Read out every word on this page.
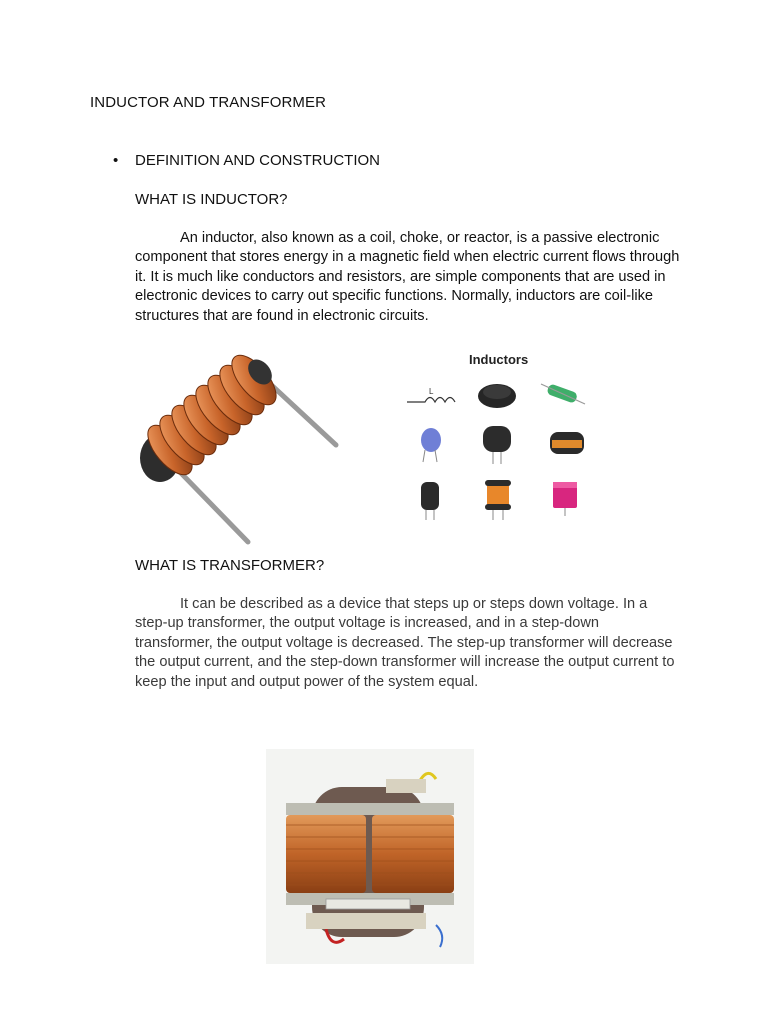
INDUCTOR AND TRANSFORMER
•	DEFINITION AND CONSTRUCTION
WHAT IS INDUCTOR?

An inductor, also known as a coil, choke, or reactor, is a passive electronic component that stores energy in a magnetic field when electric current flows through it. It is much like conductors and resistors, are simple components that are used in electronic devices to carry out specific functions. Normally, inductors are coil-like structures that are found in electronic circuits.

L
Inductors
WHAT IS TRANSFORMER?

It can be described as a device that steps up or steps down voltage. In a step-up transformer, the output voltage is increased, and in a step-down transformer, the output voltage is decreased. The step-up transformer will decrease the output current, and the step-down transformer will increase the output current to keep the input and output power of the system equal.
